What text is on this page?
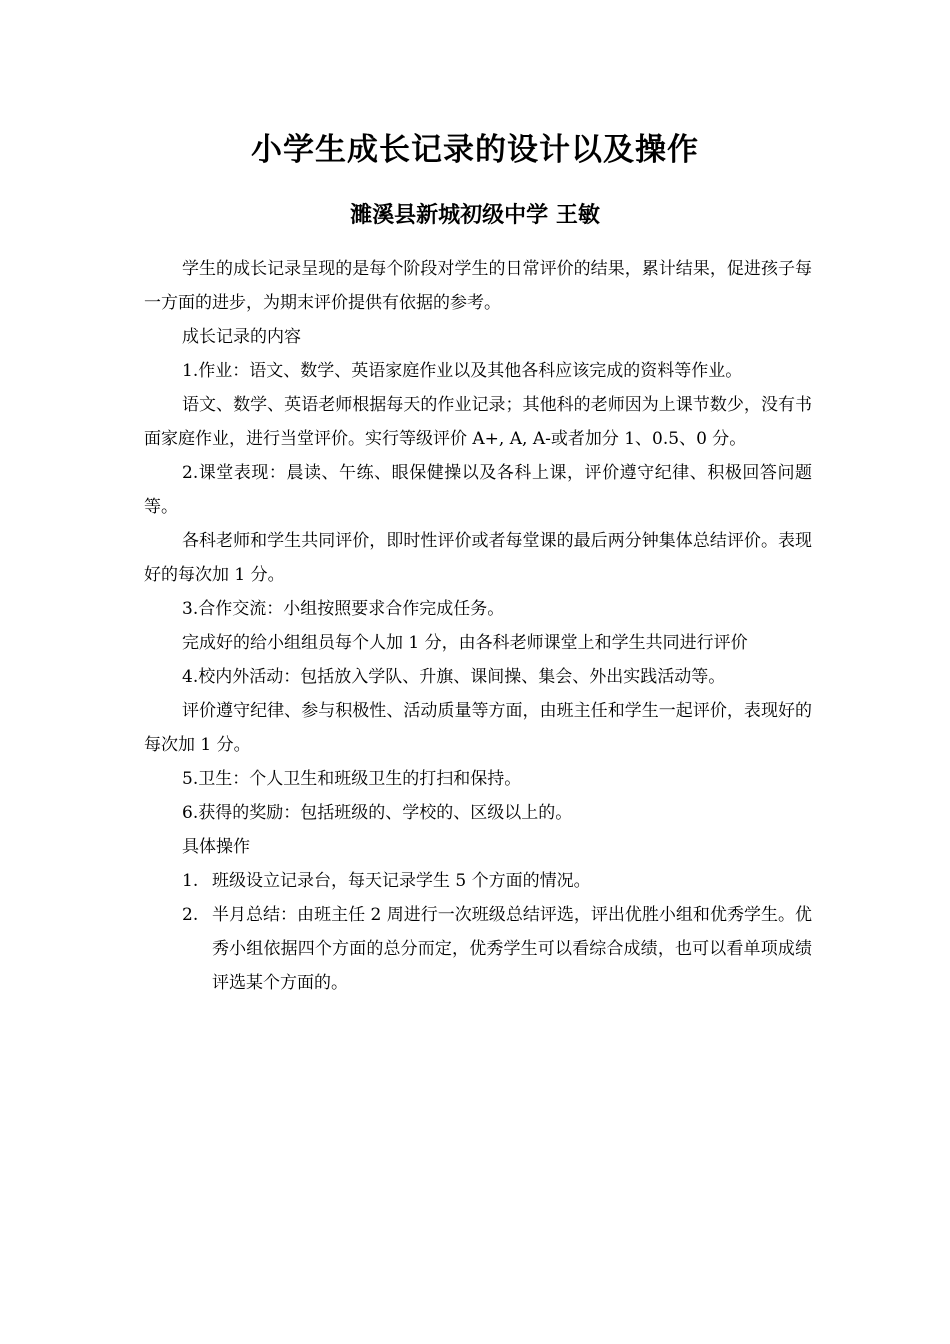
小学生成长记录的设计以及操作
濉溪县新城初级中学 王敏

学生的成长记录呈现的是每个阶段对学生的日常评价的结果，累计结果，促进孩子每一方面的进步，为期末评价提供有依据的参考。

成长记录的内容

1.作业：语文、数学、英语家庭作业以及其他各科应该完成的资料等作业。

语文、数学、英语老师根据每天的作业记录；其他科的老师因为上课节数少，没有书面家庭作业，进行当堂评价。实行等级评价 A+, A, A-或者加分 1、0.5、0 分。

2.课堂表现：晨读、午练、眼保健操以及各科上课，评价遵守纪律、积极回答问题等。

各科老师和学生共同评价，即时性评价或者每堂课的最后两分钟集体总结评价。表现好的每次加 1 分。

3.合作交流：小组按照要求合作完成任务。

完成好的给小组组员每个人加 1 分，由各科老师课堂上和学生共同进行评价

4.校内外活动：包括放入学队、升旗、课间操、集会、外出实践活动等。

评价遵守纪律、参与积极性、活动质量等方面，由班主任和学生一起评价，表现好的每次加 1 分。

5.卫生：个人卫生和班级卫生的打扫和保持。

6.获得的奖励：包括班级的、学校的、区级以上的。

具体操作

1. 班级设立记录台，每天记录学生 5 个方面的情况。
2. 半月总结：由班主任 2 周进行一次班级总结评选，评出优胜小组和优秀学生。优秀小组依据四个方面的总分而定，优秀学生可以看综合成绩，也可以看单项成绩评选某个方面的。
